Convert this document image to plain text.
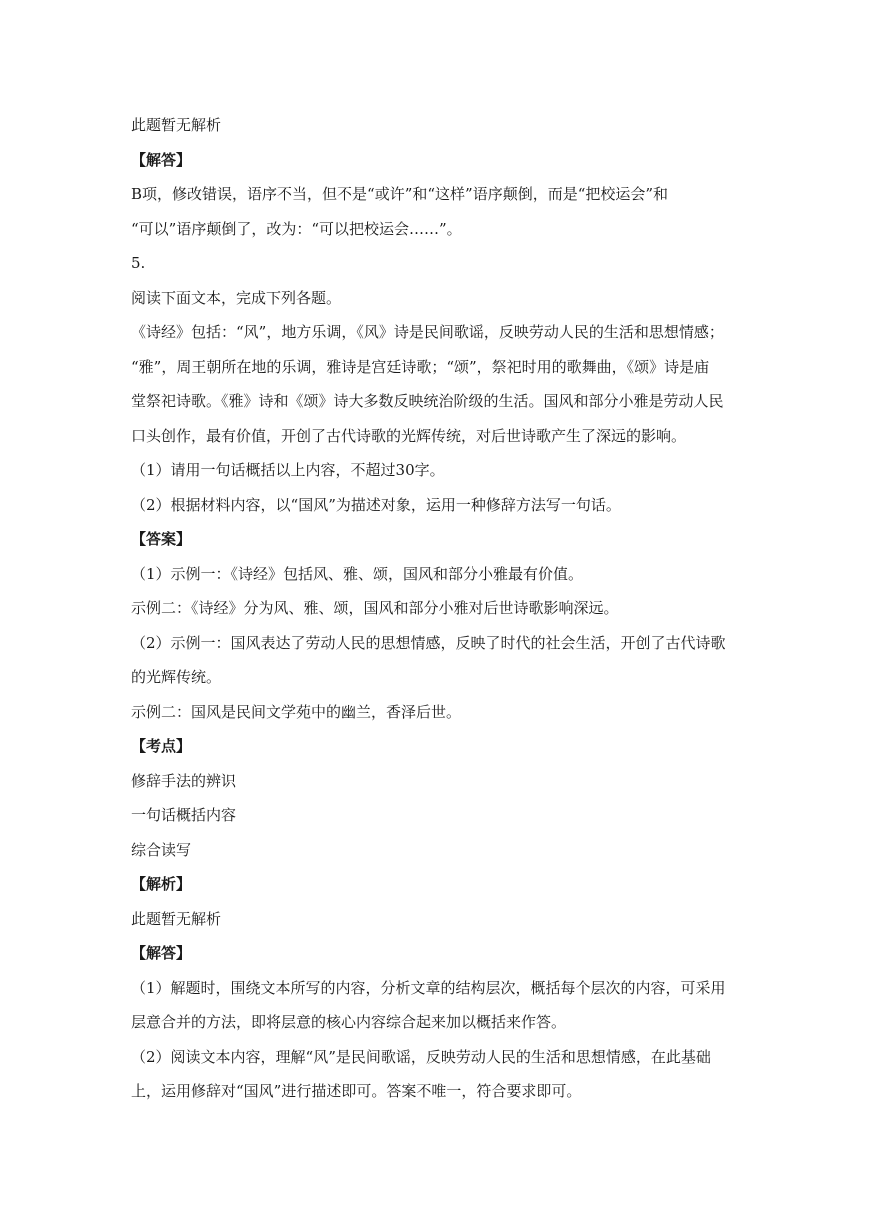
此题暂无解析

【解答】

B项，修改错误，语序不当，但不是“或许”和“这样”语序颠倒，而是“把校运会”和

“可以”语序颠倒了，改为：“可以把校运会……”。

5.

阅读下面文本，完成下列各题。

《诗经》包括：“风”，地方乐调，《风》诗是民间歌谣，反映劳动人民的生活和思想情感；

“雅”，周王朝所在地的乐调，雅诗是宫廷诗歌；“颂”，祭祀时用的歌舞曲，《颂》诗是庙

堂祭祀诗歌。《雅》诗和《颂》诗大多数反映统治阶级的生活。国风和部分小雅是劳动人民

口头创作，最有价值，开创了古代诗歌的光辉传统，对后世诗歌产生了深远的影响。

（1）请用一句话概括以上内容，不超过30字。

（2）根据材料内容，以“国风”为描述对象，运用一种修辞方法写一句话。

【答案】

（1）示例一：《诗经》包括风、雅、颂，国风和部分小雅最有价值。

示例二：《诗经》分为风、雅、颂，国风和部分小雅对后世诗歌影响深远。

（2）示例一：国风表达了劳动人民的思想情感，反映了时代的社会生活，开创了古代诗歌

的光辉传统。

示例二：国风是民间文学苑中的幽兰，香泽后世。

【考点】

修辞手法的辨识

一句话概括内容

综合读写

【解析】

此题暂无解析

【解答】

（1）解题时，围绕文本所写的内容，分析文章的结构层次，概括每个层次的内容，可采用

层意合并的方法，即将层意的核心内容综合起来加以概括来作答。

（2）阅读文本内容，理解“风”是民间歌谣，反映劳动人民的生活和思想情感，在此基础

上，运用修辞对“国风”进行描述即可。答案不唯一，符合要求即可。
